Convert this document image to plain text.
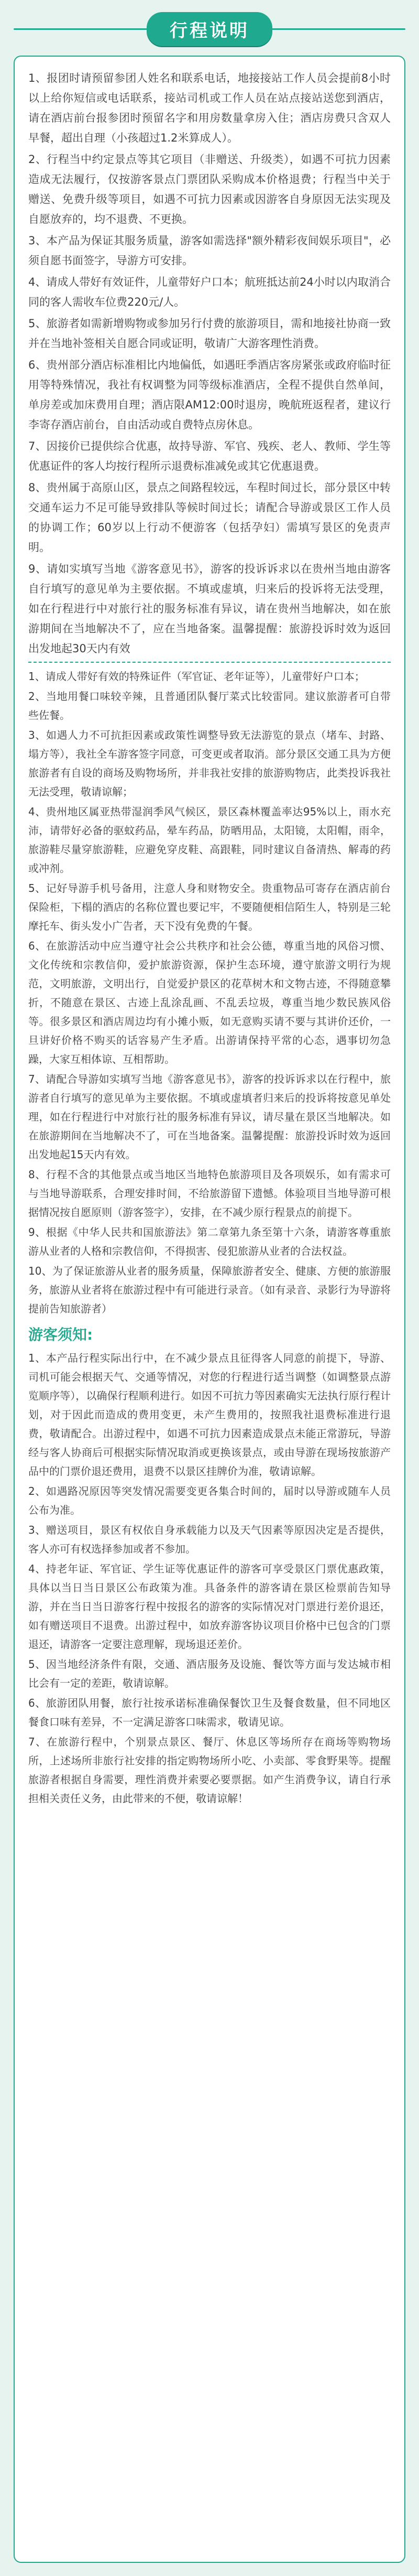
行程说明

1、报团时请预留参团人姓名和联系电话，地接接站工作人员会提前8小时以上给你短信或电话联系，接站司机或工作人员在站点接站送您到酒店，请在酒店前台报参团时预留名字和用房数量拿房入住；酒店房费只含双人早餐，超出自理（小孩超过1.2米算成人）。

2、行程当中约定景点等其它项目（非赠送、升级类），如遇不可抗力因素造成无法履行，仅按游客景点门票团队采购成本价格退费；行程当中关于赠送、免费升级等项目，如遇不可抗力因素或因游客自身原因无法实现及自愿放弃的，均不退费、不更换。

3、本产品为保证其服务质量，游客如需选择"额外精彩夜间娱乐项目"，必须自愿书面签字，导游方可安排。

4、请成人带好有效证件，儿童带好户口本；航班抵达前24小时以内取消合同的客人需收车位费220元/人。

5、旅游者如需新增购物或参加另行付费的旅游项目，需和地接社协商一致并在当地补签相关自愿合同或证明，敬请广大游客理性消费。

6、贵州部分酒店标准相比内地偏低，如遇旺季酒店客房紧张或政府临时征用等特殊情况，我社有权调整为同等级标准酒店，全程不提供自然单间，单房差或加床费用自理；酒店限AM12:00时退房，晚航班返程者，建议行李寄存酒店前台，自由活动或自费特点房休息。

7、因接价已提供综合优惠，故持导游、军官、残疾、老人、教师、学生等优惠证件的客人均按行程所示退费标准减免或其它优惠退费。

8、贵州属于高原山区，景点之间路程较远，车程时间过长，部分景区中转交通车运力不足可能导致排队等候时间过长；请配合导游或景区工作人员的协调工作；60岁以上行动不便游客（包括孕妇）需填写景区的免责声明。

9、请如实填写当地《游客意见书》，游客的投诉诉求以在贵州当地由游客自行填写的意见单为主要依据。不填或虚填，归来后的投诉将无法受理，如在行程进行中对旅行社的服务标准有异议，请在贵州当地解决，如在旅游期间在当地解决不了，应在当地备案。温馨提醒：旅游投诉时效为返回出发地起30天内有效

1、请成人带好有效的特殊证件（军官证、老年证等），儿童带好户口本；

2、当地用餐口味较辛辣，且普通团队餐厅菜式比较雷同。建议旅游者可自带些佐餐。

3、如遇人力不可抗拒因素或政策性调整导致无法游览的景点（堵车、封路、塌方等），我社全车游客签字同意，可变更或者取消。部分景区交通工具为方便旅游者有自设的商场及购物场所，并非我社安排的旅游购物店，此类投诉我社无法受理，敬请谅解；

4、贵州地区属亚热带湿润季风气候区，景区森林覆盖率达95%以上，雨水充沛，请带好必备的驱蚊药品，晕车药品，防晒用品，太阳镜，太阳帽，雨伞，旅游鞋尽量穿旅游鞋，应避免穿皮鞋、高跟鞋，同时建议自备清热、解毒的药或冲剂。

5、记好导游手机号备用，注意人身和财物安全。贵重物品可寄存在酒店前台保险柜，下榻的酒店的名称位置也要记牢，不要随便相信陌生人，特别是三轮摩托车、街头发小广告者，天下没有免费的午餐。

6、在旅游活动中应当遵守社会公共秩序和社会公德，尊重当地的风俗习惯、文化传统和宗教信仰，爱护旅游资源，保护生态环境，遵守旅游文明行为规范，文明旅游，文明出行，自觉爱护景区的花草树木和文物古迹，不得随意攀折，不随意在景区、古迹上乱涂乱画、不乱丢垃圾，尊重当地少数民族风俗等。很多景区和酒店周边均有小摊小贩，如无意购买请不要与其讲价还价，一旦讲好价格不购买的话容易产生矛盾。出游请保持平常的心态，遇事切勿急躁，大家互相体谅、互相帮助。

7、请配合导游如实填写当地《游客意见书》，游客的投诉诉求以在行程中，旅游者自行填写的意见单为主要依据。不填或虚填者归来后的投诉将按意见单处理，如在行程进行中对旅行社的服务标准有异议，请尽量在景区当地解决。如在旅游期间在当地解决不了，可在当地备案。温馨提醒：旅游投诉时效为返回出发地起15天内有效。

8、行程不含的其他景点或当地区当地特色旅游项目及各项娱乐，如有需求可与当地导游联系，合理安排时间，不给旅游留下遗憾。体验项目当地导游可根据情况按自愿原则（游客签字），安排，在不减少原行程景点的前提下。

9、根据《中华人民共和国旅游法》第二章第九条至第十六条，请游客尊重旅游从业者的人格和宗教信仰，不得损害、侵犯旅游从业者的合法权益。

10、为了保证旅游从业者的服务质量，保障旅游者安全、健康、方便的旅游服务，旅游从业者将在旅游过程中有可能进行录音。（如有录音、录影行为导游将提前告知旅游者）

游客须知:

1、本产品行程实际出行中，在不减少景点且征得客人同意的前提下，导游、司机可能会根据天气、交通等情况，对您的行程进行适当调整（如调整景点游览顺序等），以确保行程顺利进行。如因不可抗力等因素确实无法执行原行程计划，对于因此而造成的费用变更，未产生费用的，按照我社退费标准进行退费，敬请配合。出游过程中，如遇不可抗力因素造成景点未能正常游玩，导游经与客人协商后可根据实际情况取消或更换该景点，或由导游在现场按旅游产品中的门票价退还费用，退费不以景区挂牌价为准，敬请谅解。

2、如遇路况原因等突发情况需要变更各集合时间的，届时以导游或随车人员公布为准。

3、赠送项目，景区有权依自身承载能力以及天气因素等原因决定是否提供，客人亦可有权选择参加或者不参加。

4、持老年证、军官证、学生证等优惠证件的游客可享受景区门票优惠政策，具体以当日当日景区公布政策为准。具备条件的游客请在景区检票前告知导游，并在当日当日游客行程中按报名的游客的实际情况对门票进行差价退还，如有赠送项目不退费。出游过程中，如放弃游客协议项目价格中已包含的门票退还，请游客一定要注意理解，现场退还差价。

5、因当地经济条件有限，交通、酒店服务及设施、餐饮等方面与发达城市相比会有一定的差距，敬请谅解。

6、旅游团队用餐，旅行社按承诺标准确保餐饮卫生及餐食数量，但不同地区餐食口味有差异，不一定满足游客口味需求，敬请见谅。

7、在旅游行程中，个别景点景区、餐厅、休息区等场所存在商场等购物场所，上述场所非旅行社安排的指定购物场所小吃、小卖部、零食野果等。提醒旅游者根据自身需要，理性消费并索要必要票据。如产生消费争议，请自行承担相关责任义务，由此带来的不便，敬请谅解！
